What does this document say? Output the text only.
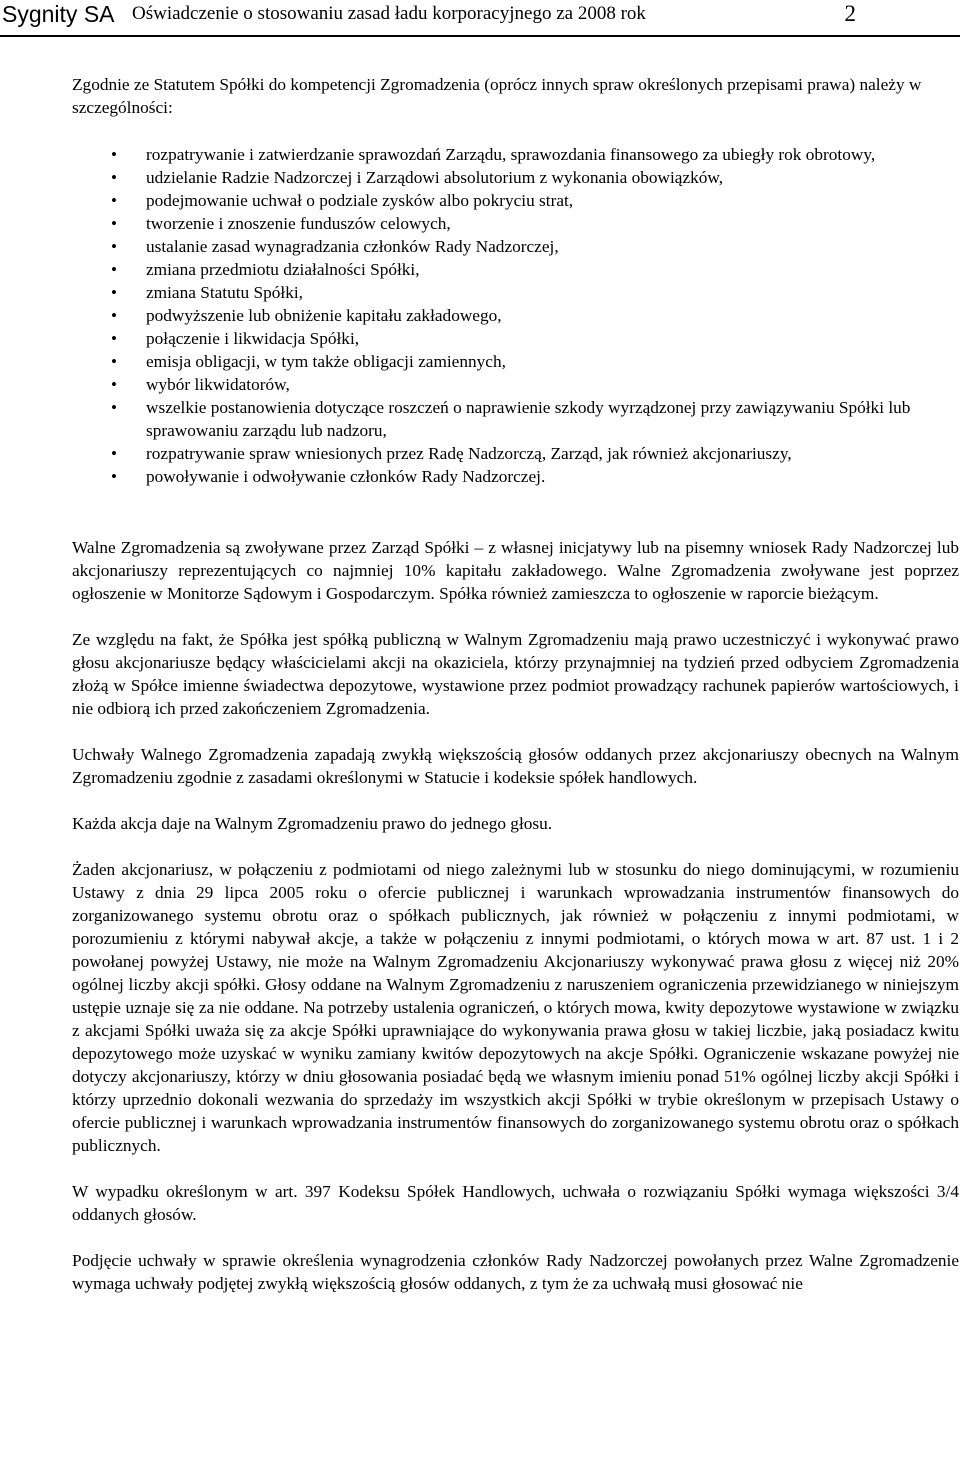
Sygnity SA Oświadczenie o stosowaniu zasad ładu korporacyjnego za 2008 rok	2

Zgodnie ze Statutem Spółki do kompetencji Zgromadzenia (oprócz innych spraw określonych przepisami prawa) należy w szczególności:

• rozpatrywanie i zatwierdzanie sprawozdań Zarządu, sprawozdania finansowego za ubiegły rok obrotowy,
• udzielanie Radzie Nadzorczej i Zarządowi absolutorium z wykonania obowiązków,
• podejmowanie uchwał o podziale zysków albo pokryciu strat,
• tworzenie i znoszenie funduszów celowych,
• ustalanie zasad wynagradzania członków Rady Nadzorczej,
• zmiana przedmiotu działalności Spółki,
• zmiana Statutu Spółki,
• podwyższenie lub obniżenie kapitału zakładowego,
• połączenie i likwidacja Spółki,
• emisja obligacji, w tym także obligacji zamiennych,
• wybór likwidatorów,
• wszelkie postanowienia dotyczące roszczeń o naprawienie szkody wyrządzonej przy zawiązywaniu Spółki lub sprawowaniu zarządu lub nadzoru,
• rozpatrywanie spraw wniesionych przez Radę Nadzorczą, Zarząd, jak również akcjonariuszy,
• powoływanie i odwoływanie członków Rady Nadzorczej.

Walne Zgromadzenia są zwoływane przez Zarząd Spółki – z własnej inicjatywy lub na pisemny wniosek Rady Nadzorczej lub akcjonariuszy reprezentujących co najmniej 10% kapitału zakładowego. Walne Zgromadzenia zwoływane jest poprzez ogłoszenie w Monitorze Sądowym i Gospodarczym. Spółka również zamieszcza to ogłoszenie w raporcie bieżącym.

Ze względu na fakt, że Spółka jest spółką publiczną w Walnym Zgromadzeniu mają prawo uczestniczyć i wykonywać prawo głosu akcjonariusze będący właścicielami akcji na okaziciela, którzy przynajmniej na tydzień przed odbyciem Zgromadzenia złożą w Spółce imienne świadectwa depozytowe, wystawione przez podmiot prowadzący rachunek papierów wartościowych, i nie odbiorą ich przed zakończeniem Zgromadzenia.

Uchwały Walnego Zgromadzenia zapadają zwykłą większością głosów oddanych przez akcjonariuszy obecnych na Walnym Zgromadzeniu zgodnie z zasadami określonymi w Statucie i kodeksie spółek handlowych.

Każda akcja daje na Walnym Zgromadzeniu prawo do jednego głosu.

Żaden akcjonariusz, w połączeniu z podmiotami od niego zależnymi lub w stosunku do niego dominującymi, w rozumieniu Ustawy z dnia 29 lipca 2005 roku o ofercie publicznej i warunkach wprowadzania instrumentów finansowych do zorganizowanego systemu obrotu oraz o spółkach publicznych, jak również w połączeniu z innymi podmiotami, w porozumieniu z którymi nabywał akcje, a także w połączeniu z innymi podmiotami, o których mowa w art. 87 ust. 1 i 2 powołanej powyżej Ustawy, nie może na Walnym Zgromadzeniu Akcjonariuszy wykonywać prawa głosu z więcej niż 20% ogólnej liczby akcji spółki. Głosy oddane na Walnym Zgromadzeniu z naruszeniem ograniczenia przewidzianego w niniejszym ustępie uznaje się za nie oddane. Na potrzeby ustalenia ograniczeń, o których mowa, kwity depozytowe wystawione w związku z akcjami Spółki uważa się za akcje Spółki uprawniające do wykonywania prawa głosu w takiej liczbie, jaką posiadacz kwitu depozytowego może uzyskać w wyniku zamiany kwitów depozytowych na akcje Spółki. Ograniczenie wskazane powyżej nie dotyczy akcjonariuszy, którzy w dniu głosowania posiadać będą we własnym imieniu ponad 51% ogólnej liczby akcji Spółki i którzy uprzednio dokonali wezwania do sprzedaży im wszystkich akcji Spółki w trybie określonym w przepisach Ustawy o ofercie publicznej i warunkach wprowadzania instrumentów finansowych do zorganizowanego systemu obrotu oraz o spółkach publicznych.

W wypadku określonym w art. 397 Kodeksu Spółek Handlowych, uchwała o rozwiązaniu Spółki wymaga większości 3/4 oddanych głosów.

Podjęcie uchwały w sprawie określenia wynagrodzenia członków Rady Nadzorczej powołanych przez Walne Zgromadzenie wymaga uchwały podjętej zwykłą większością głosów oddanych, z tym że za uchwałą musi głosować nie
